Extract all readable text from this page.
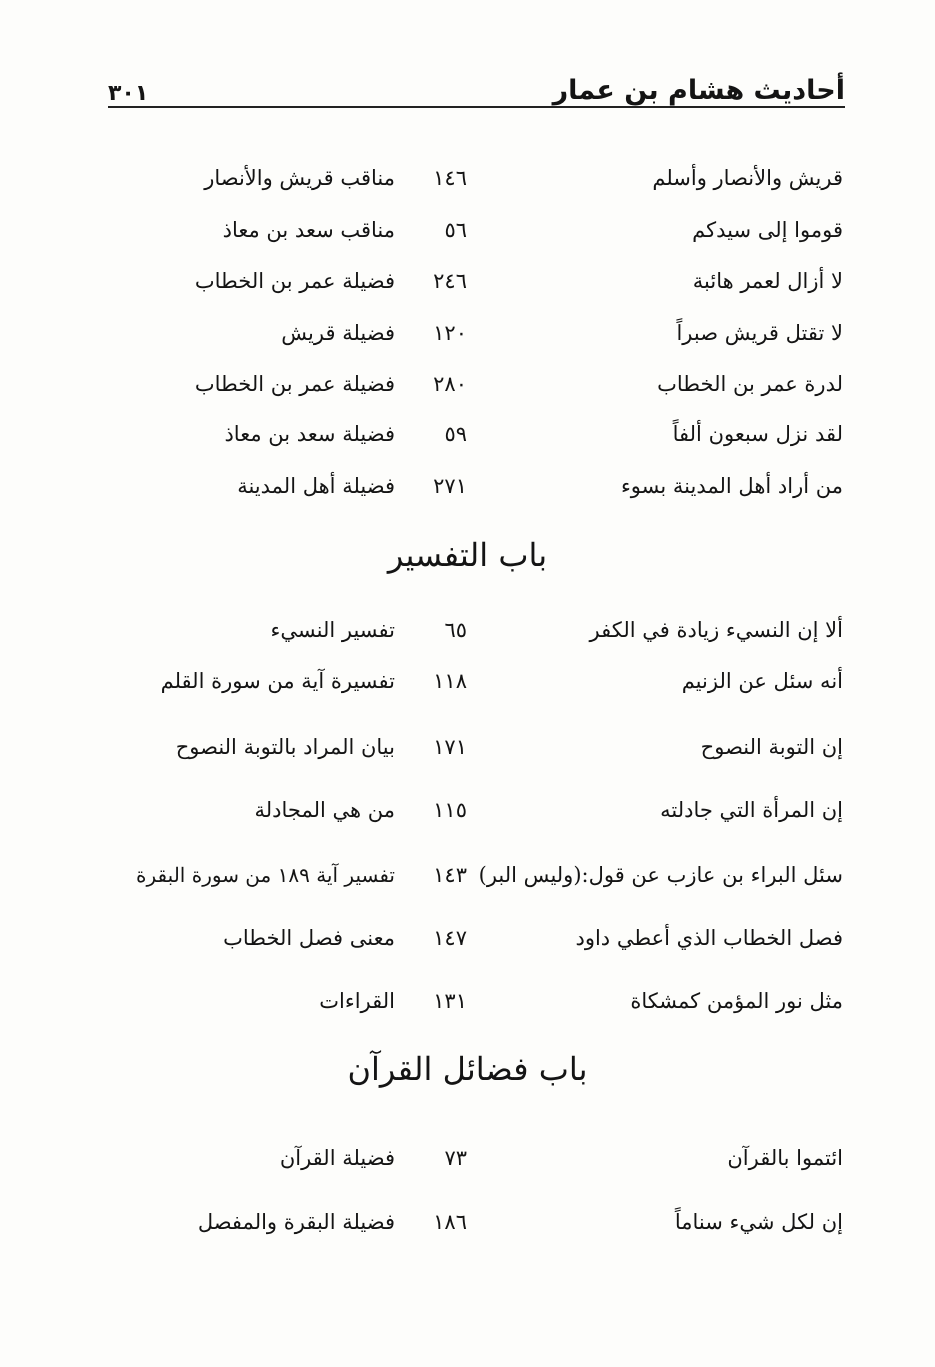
٣٠١	أحاديث هشام بن عمار
قريش والأنصار وأسلم
١٤٦
مناقب قريش والأنصار
قوموا إلى سيدكم
٥٦
مناقب سعد بن معاذ
لا أزال لعمر هائبة
٢٤٦
فضيلة عمر بن الخطاب
لا تقتل قريش صبراً
١٢٠
فضيلة قريش
لدرة عمر بن الخطاب
٢٨٠
فضيلة عمر بن الخطاب
لقد نزل سبعون ألفاً
٥٩
فضيلة سعد بن معاذ
من أراد أهل المدينة بسوء
٢٧١
فضيلة أهل المدينة
باب التفسير
ألا إن النسيء زيادة في الكفر
٦٥
تفسير النسيء
أنه سئل عن الزنيم
١١٨
تفسيرة آية من سورة القلم
إن التوبة النصوح
١٧١
بيان المراد بالتوبة النصوح
إن المرأة التي جادلته
١١٥
من هي المجادلة
سئل البراء بن عازب عن قول:(وليس البر)
١٤٣
تفسير آية ١٨٩ من سورة البقرة
فصل الخطاب الذي أعطي داود
١٤٧
معنى فصل الخطاب
مثل نور المؤمن كمشكاة
١٣١
القراءات
باب فضائل القرآن
ائتموا بالقرآن
٧٣
فضيلة القرآن
إن لكل شيء سناماً
١٨٦
فضيلة البقرة والمفصل
